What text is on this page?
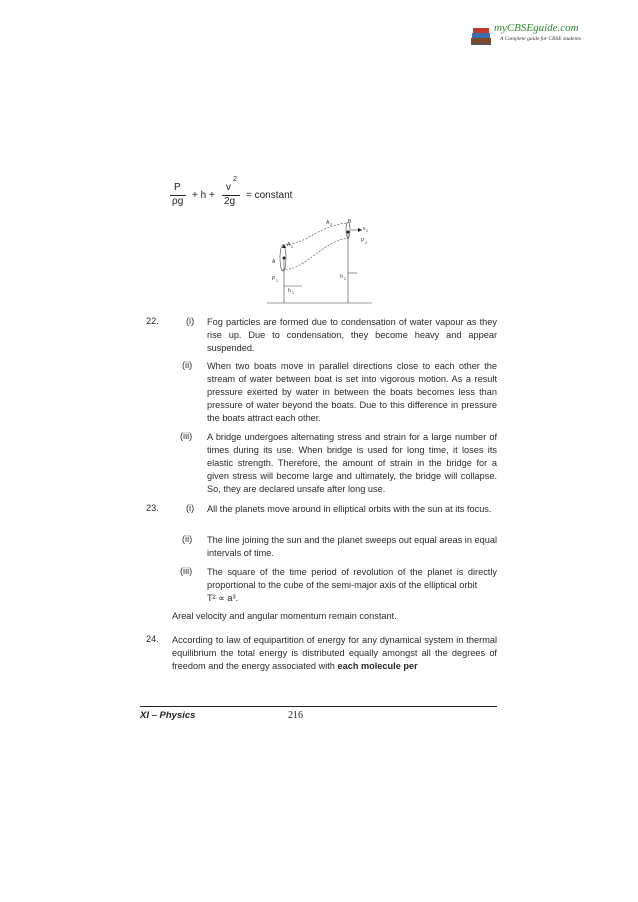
myCBSEguide.com
A Complete guide for CBSE students
P
ρg
+ h +
v
2
2g
= constant
A 2	B
v 2
P 2
A 1
A
P 1
h 1
h 2
22.	(i) Fog particles are formed due to condensation of water vapour as they rise up. Due to condensation, they become heavy and appear suspended.
(ii) When two boats move in parallel directions close to each other the stream of water between boat is set into vigorous motion. As a result pressure exerted by water in between the boats becomes less than pressure of water beyond the boats. Due to this difference in pressure the boats attract each other.
(iii) A bridge undergoes alternating stress and strain for a large number of times during its use. When bridge is used for long time, it loses its elastic strength. Therefore, the amount of strain in the bridge for a given stress will become large and ultimately, the bridge will collapse. So, they are declared unsafe after long use.
23.	(i) All the planets move around in elliptical orbits with the sun at its focus.
(ii) The line joining the sun and the planet sweeps out equal areas in equal intervals of time.
(iii) The square of the time period of revolution of the planet is directly proportional to the cube of the semi-major axis of the elliptical orbit
T² ∝ a³.
Areal velocity and angular momentum remain constant.
24. According to law of equipartition of energy for any dynamical system in thermal equilibrium the total energy is distributed equally amongst all the degrees of freedom and the energy associated with each molecule per
XI – Physics	216
